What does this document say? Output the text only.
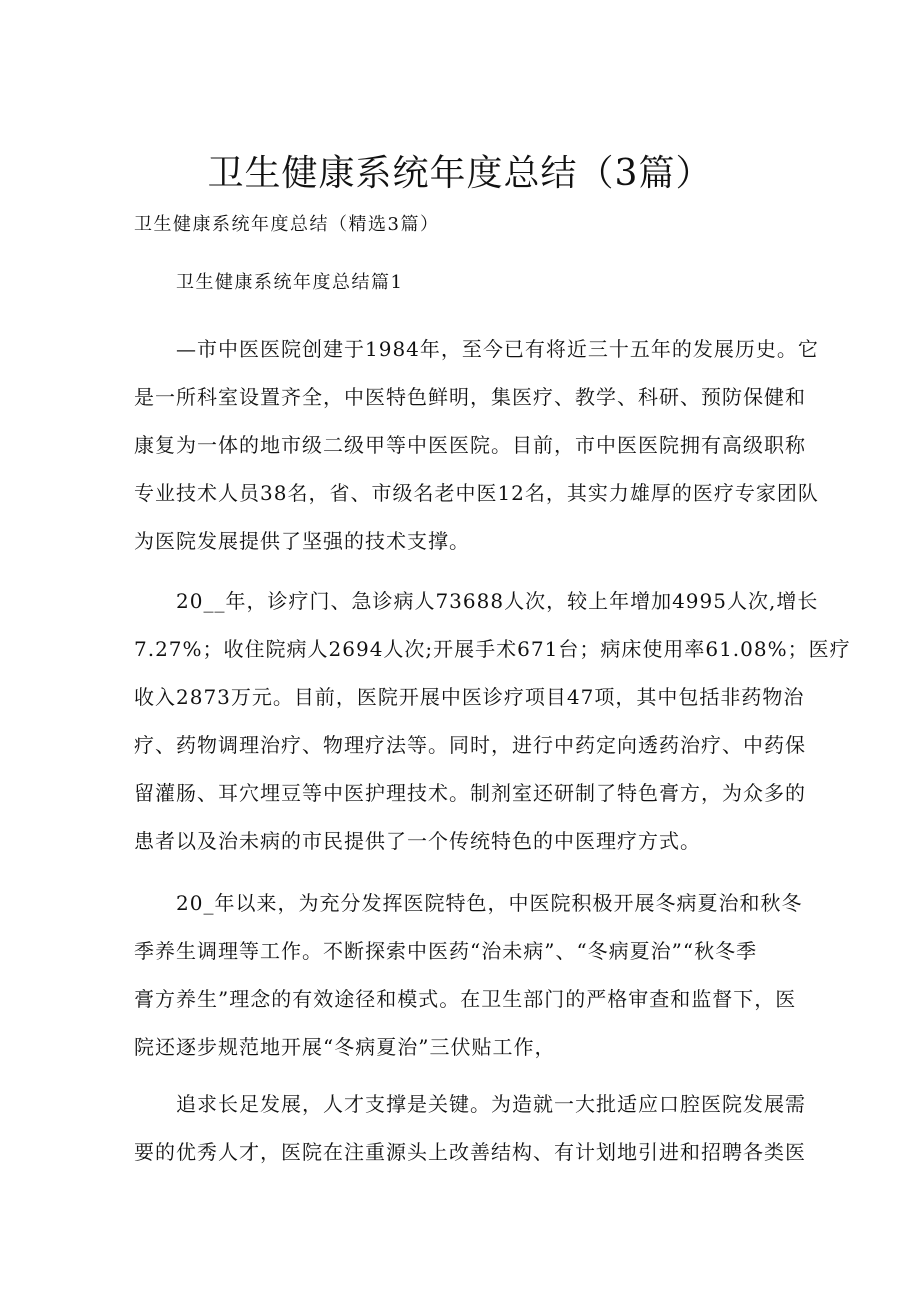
卫生健康系统年度总结（3篇）
卫生健康系统年度总结（精选3篇）
卫生健康系统年度总结篇1
—市中医医院创建于1984年，至今已有将近三十五年的发展历史。它
是一所科室设置齐全，中医特色鲜明，集医疗、教学、科研、预防保健和
康复为一体的地市级二级甲等中医医院。目前，市中医医院拥有高级职称
专业技术人员38名，省、市级名老中医12名，其实力雄厚的医疗专家团队
为医院发展提供了坚强的技术支撑。
20__年，诊疗门、急诊病人73688人次，较上年增加4995人次,增长
7.27%；收住院病人2694人次;开展手术671台；病床使用率61.08%；医疗
收入2873万元。目前，医院开展中医诊疗项目47项，其中包括非药物治
疗、药物调理治疗、物理疗法等。同时，进行中药定向透药治疗、中药保
留灌肠、耳穴埋豆等中医护理技术。制剂室还研制了特色膏方，为众多的
患者以及治未病的市民提供了一个传统特色的中医理疗方式。
20_年以来，为充分发挥医院特色，中医院积极开展冬病夏治和秋冬
季养生调理等工作。不断探索中医药“治未病”、“冬病夏治”“秋冬季
膏方养生”理念的有效途径和模式。在卫生部门的严格审查和监督下，医
院还逐步规范地开展“冬病夏治”三伏贴工作，
追求长足发展，人才支撑是关键。为造就一大批适应口腔医院发展需
要的优秀人才，医院在注重源头上改善结构、有计划地引进和招聘各类医
